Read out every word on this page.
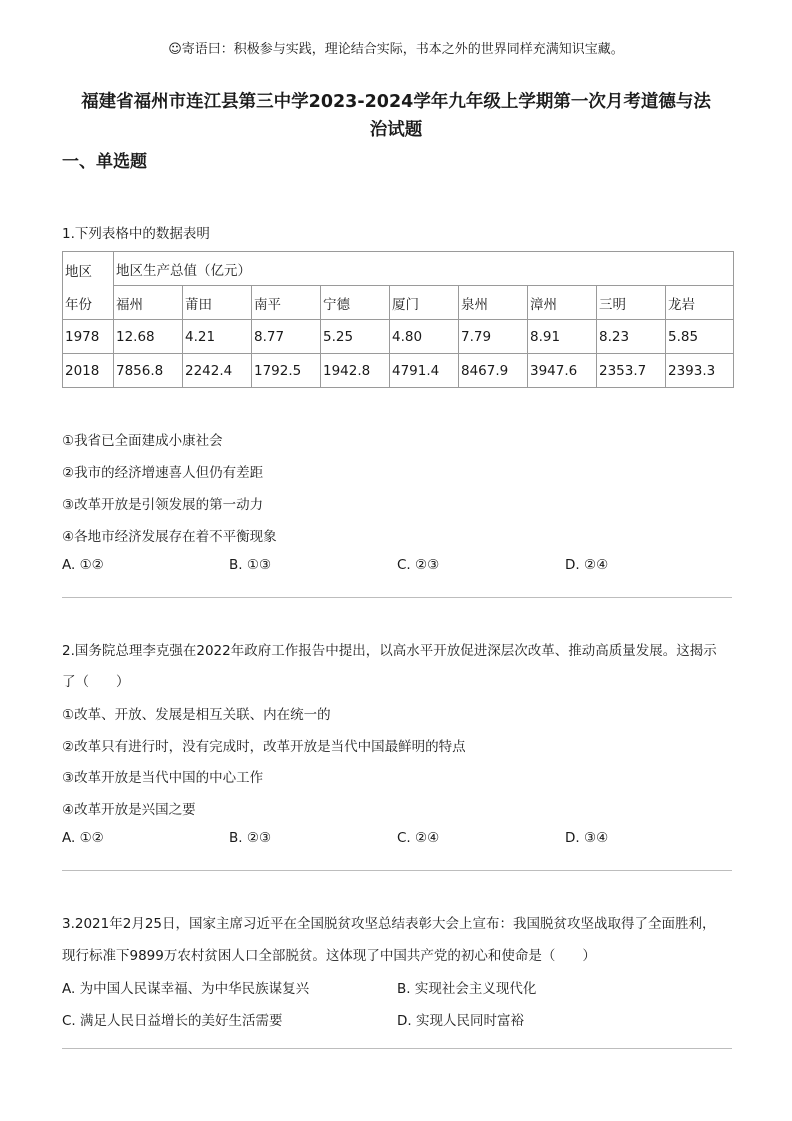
☺寄语曰：积极参与实践，理论结合实际，书本之外的世界同样充满知识宝藏。
福建省福州市连江县第三中学2023-2024学年九年级上学期第一次月考道德与法
治试题
一、单选题
1.下列表格中的数据表明
地区
年份	地区生产总值（亿元）								
	福州	莆田	南平	宁德	厦门	泉州	漳州	三明	龙岩
1978	12.68	4.21	8.77	5.25	4.80	7.79	8.91	8.23	5.85
2018	7856.8	2242.4	1792.5	1942.8	4791.4	8467.9	3947.6	2353.7	2393.3
①我省已全面建成小康社会
②我市的经济增速喜人但仍有差距
③改革开放是引领发展的第一动力
④各地市经济发展存在着不平衡现象
A. ①②	B. ①③	C. ②③	D. ②④
2.国务院总理李克强在2022年政府工作报告中提出，以高水平开放促进深层次改革、推动高质量发展。这揭示
了（　　）
①改革、开放、发展是相互关联、内在统一的
②改革只有进行时，没有完成时，改革开放是当代中国最鲜明的特点
③改革开放是当代中国的中心工作
④改革开放是兴国之要
A. ①②	B. ②③	C. ②④	D. ③④
3.2021年2月25日，国家主席习近平在全国脱贫攻坚总结表彰大会上宣布：我国脱贫攻坚战取得了全面胜利，
现行标准下9899万农村贫困人口全部脱贫。这体现了中国共产党的初心和使命是（　　）
A. 为中国人民谋幸福、为中华民族谋复兴	B. 实现社会主义现代化
C. 满足人民日益增长的美好生活需要	D. 实现人民同时富裕
